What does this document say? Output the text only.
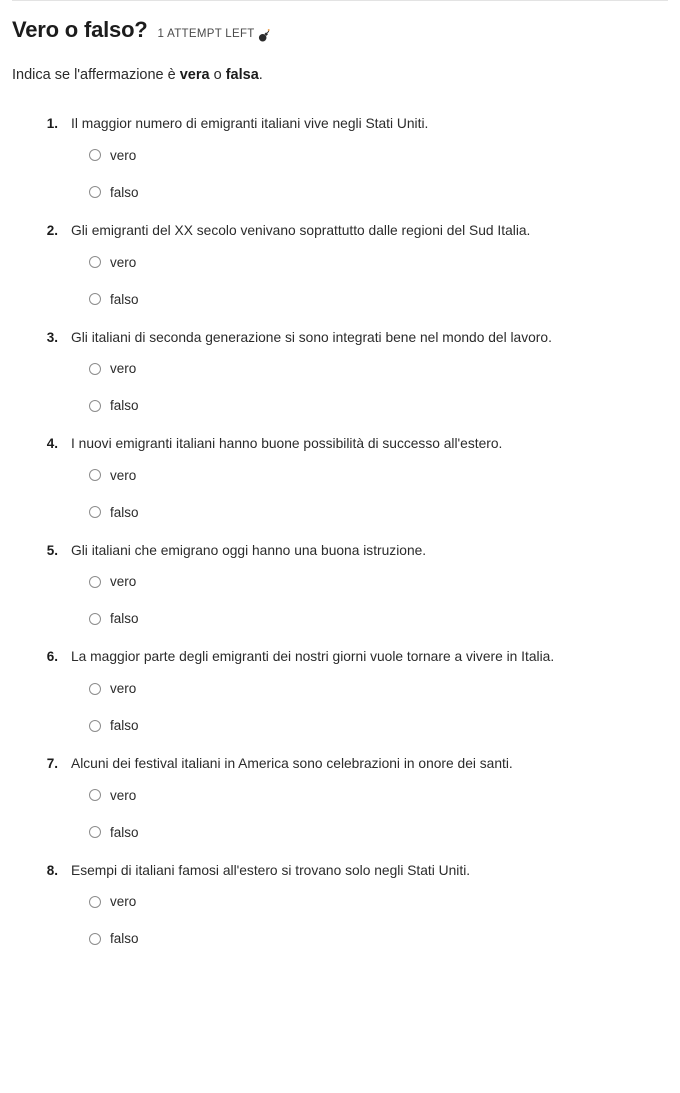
Vero o falso? 1 ATTEMPT LEFT

Indica se l'affermazione è vera o falsa.

1. Il maggior numero di emigranti italiani vive negli Stati Uniti.
vero
falso
2. Gli emigranti del XX secolo venivano soprattutto dalle regioni del Sud Italia.
vero
falso
3. Gli italiani di seconda generazione si sono integrati bene nel mondo del lavoro.
vero
falso
4. I nuovi emigranti italiani hanno buone possibilità di successo all'estero.
vero
falso
5. Gli italiani che emigrano oggi hanno una buona istruzione.
vero
falso
6. La maggior parte degli emigranti dei nostri giorni vuole tornare a vivere in Italia.
vero
falso
7. Alcuni dei festival italiani in America sono celebrazioni in onore dei santi.
vero
falso
8. Esempi di italiani famosi all'estero si trovano solo negli Stati Uniti.
vero
falso
